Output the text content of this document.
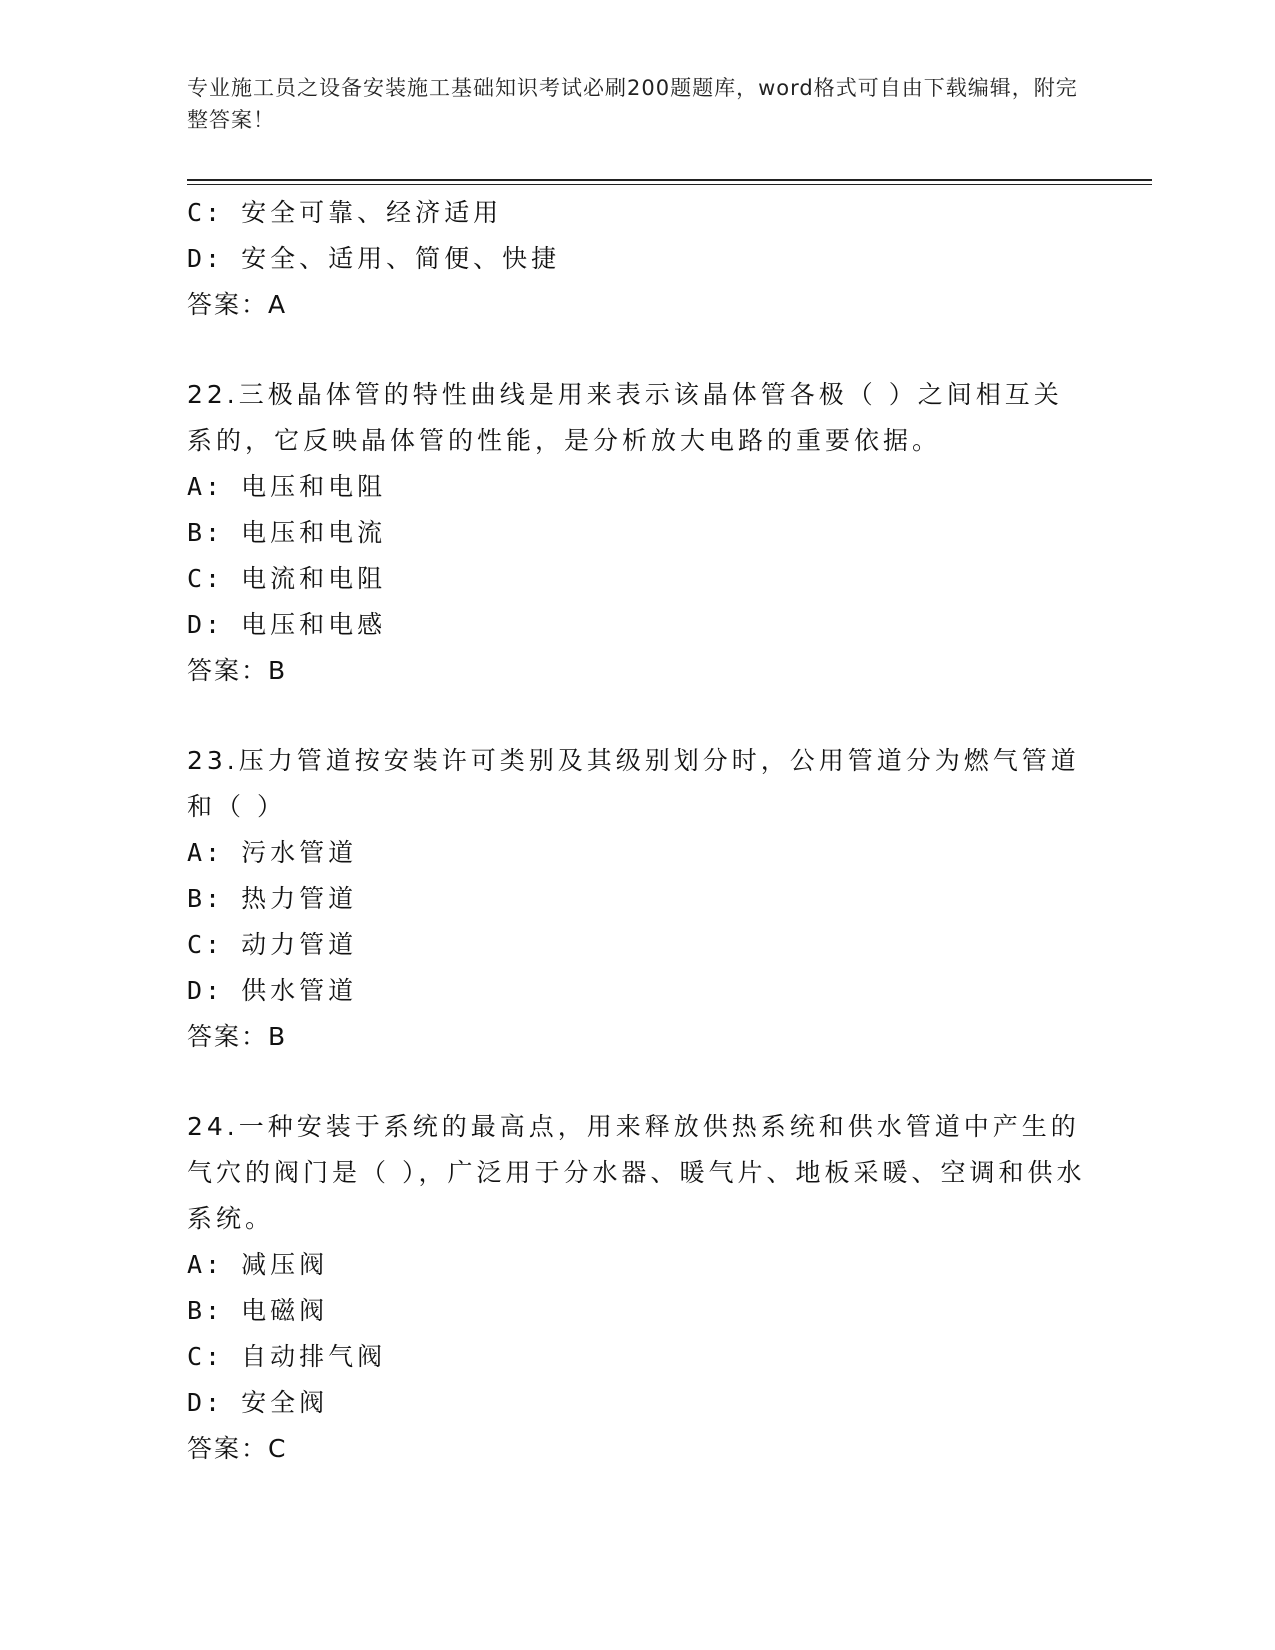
专业施工员之设备安装施工基础知识考试必刷200题题库，word格式可自由下载编辑，附完整答案！
C: 安全可靠、经济适用
D: 安全、适用、简便、快捷
答案：A
22.三极晶体管的特性曲线是用来表示该晶体管各极（ ）之间相互关系的，它反映晶体管的性能，是分析放大电路的重要依据。
A: 电压和电阻
B: 电压和电流
C: 电流和电阻
D: 电压和电感
答案：B
23.压力管道按安装许可类别及其级别划分时，公用管道分为燃气管道和（ ）
A: 污水管道
B: 热力管道
C: 动力管道
D: 供水管道
答案：B
24.一种安装于系统的最高点，用来释放供热系统和供水管道中产生的气穴的阀门是（ ），广泛用于分水器、暖气片、地板采暖、空调和供水系统。
A: 减压阀
B: 电磁阀
C: 自动排气阀
D: 安全阀
答案：C
